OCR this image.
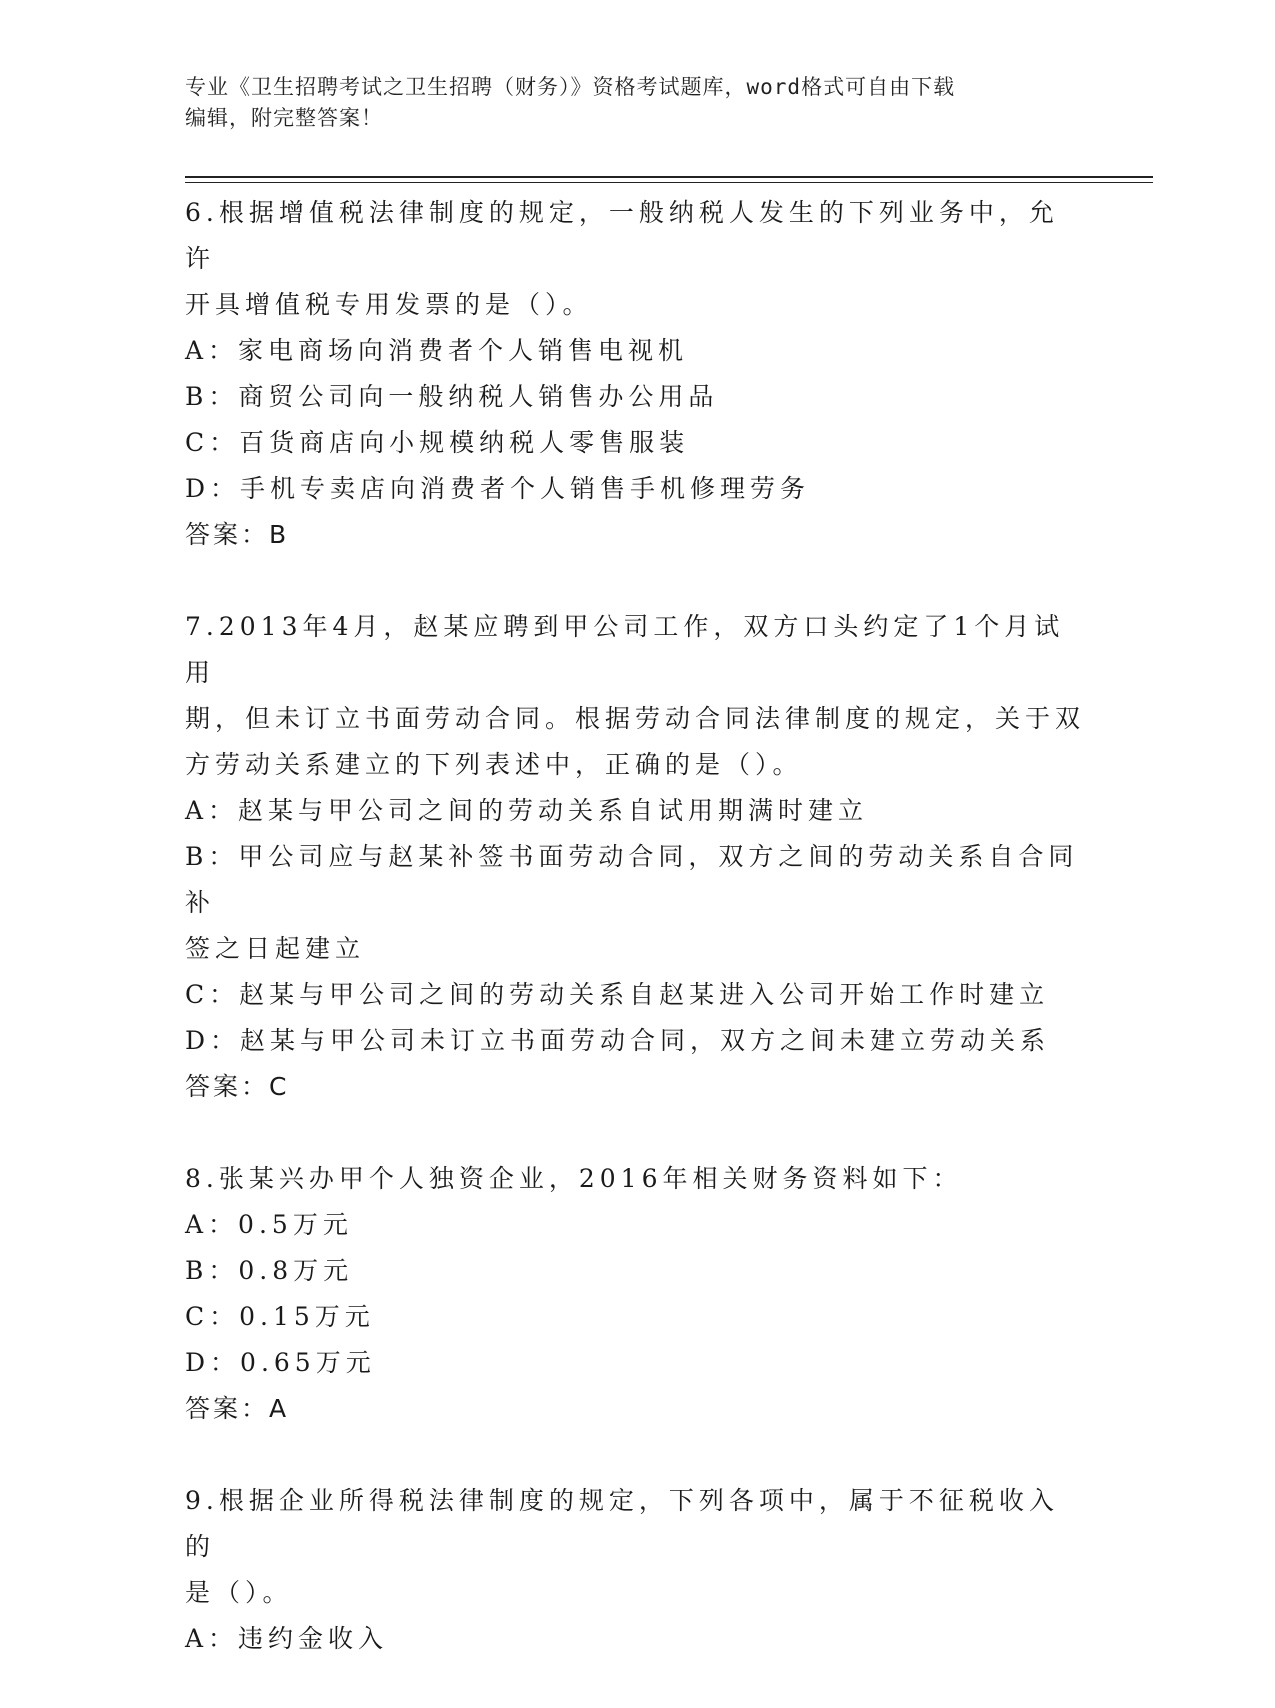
专业《卫生招聘考试之卫生招聘（财务）》资格考试题库，word格式可自由下载
编辑，附完整答案！
6.根据增值税法律制度的规定，一般纳税人发生的下列业务中，允许
开具增值税专用发票的是（）。
A：家电商场向消费者个人销售电视机
B：商贸公司向一般纳税人销售办公用品
C：百货商店向小规模纳税人零售服装
D：手机专卖店向消费者个人销售手机修理劳务
答案：B
7.2013年4月，赵某应聘到甲公司工作，双方口头约定了1个月试用
期，但未订立书面劳动合同。根据劳动合同法律制度的规定，关于双
方劳动关系建立的下列表述中，正确的是（）。
A：赵某与甲公司之间的劳动关系自试用期满时建立
B：甲公司应与赵某补签书面劳动合同，双方之间的劳动关系自合同补
签之日起建立
C：赵某与甲公司之间的劳动关系自赵某进入公司开始工作时建立
D：赵某与甲公司未订立书面劳动合同，双方之间未建立劳动关系
答案：C
8.张某兴办甲个人独资企业，2016年相关财务资料如下：
A：0.5万元
B：0.8万元
C：0.15万元
D：0.65万元
答案：A
9.根据企业所得税法律制度的规定，下列各项中，属于不征税收入的
是（）。
A：违约金收入
